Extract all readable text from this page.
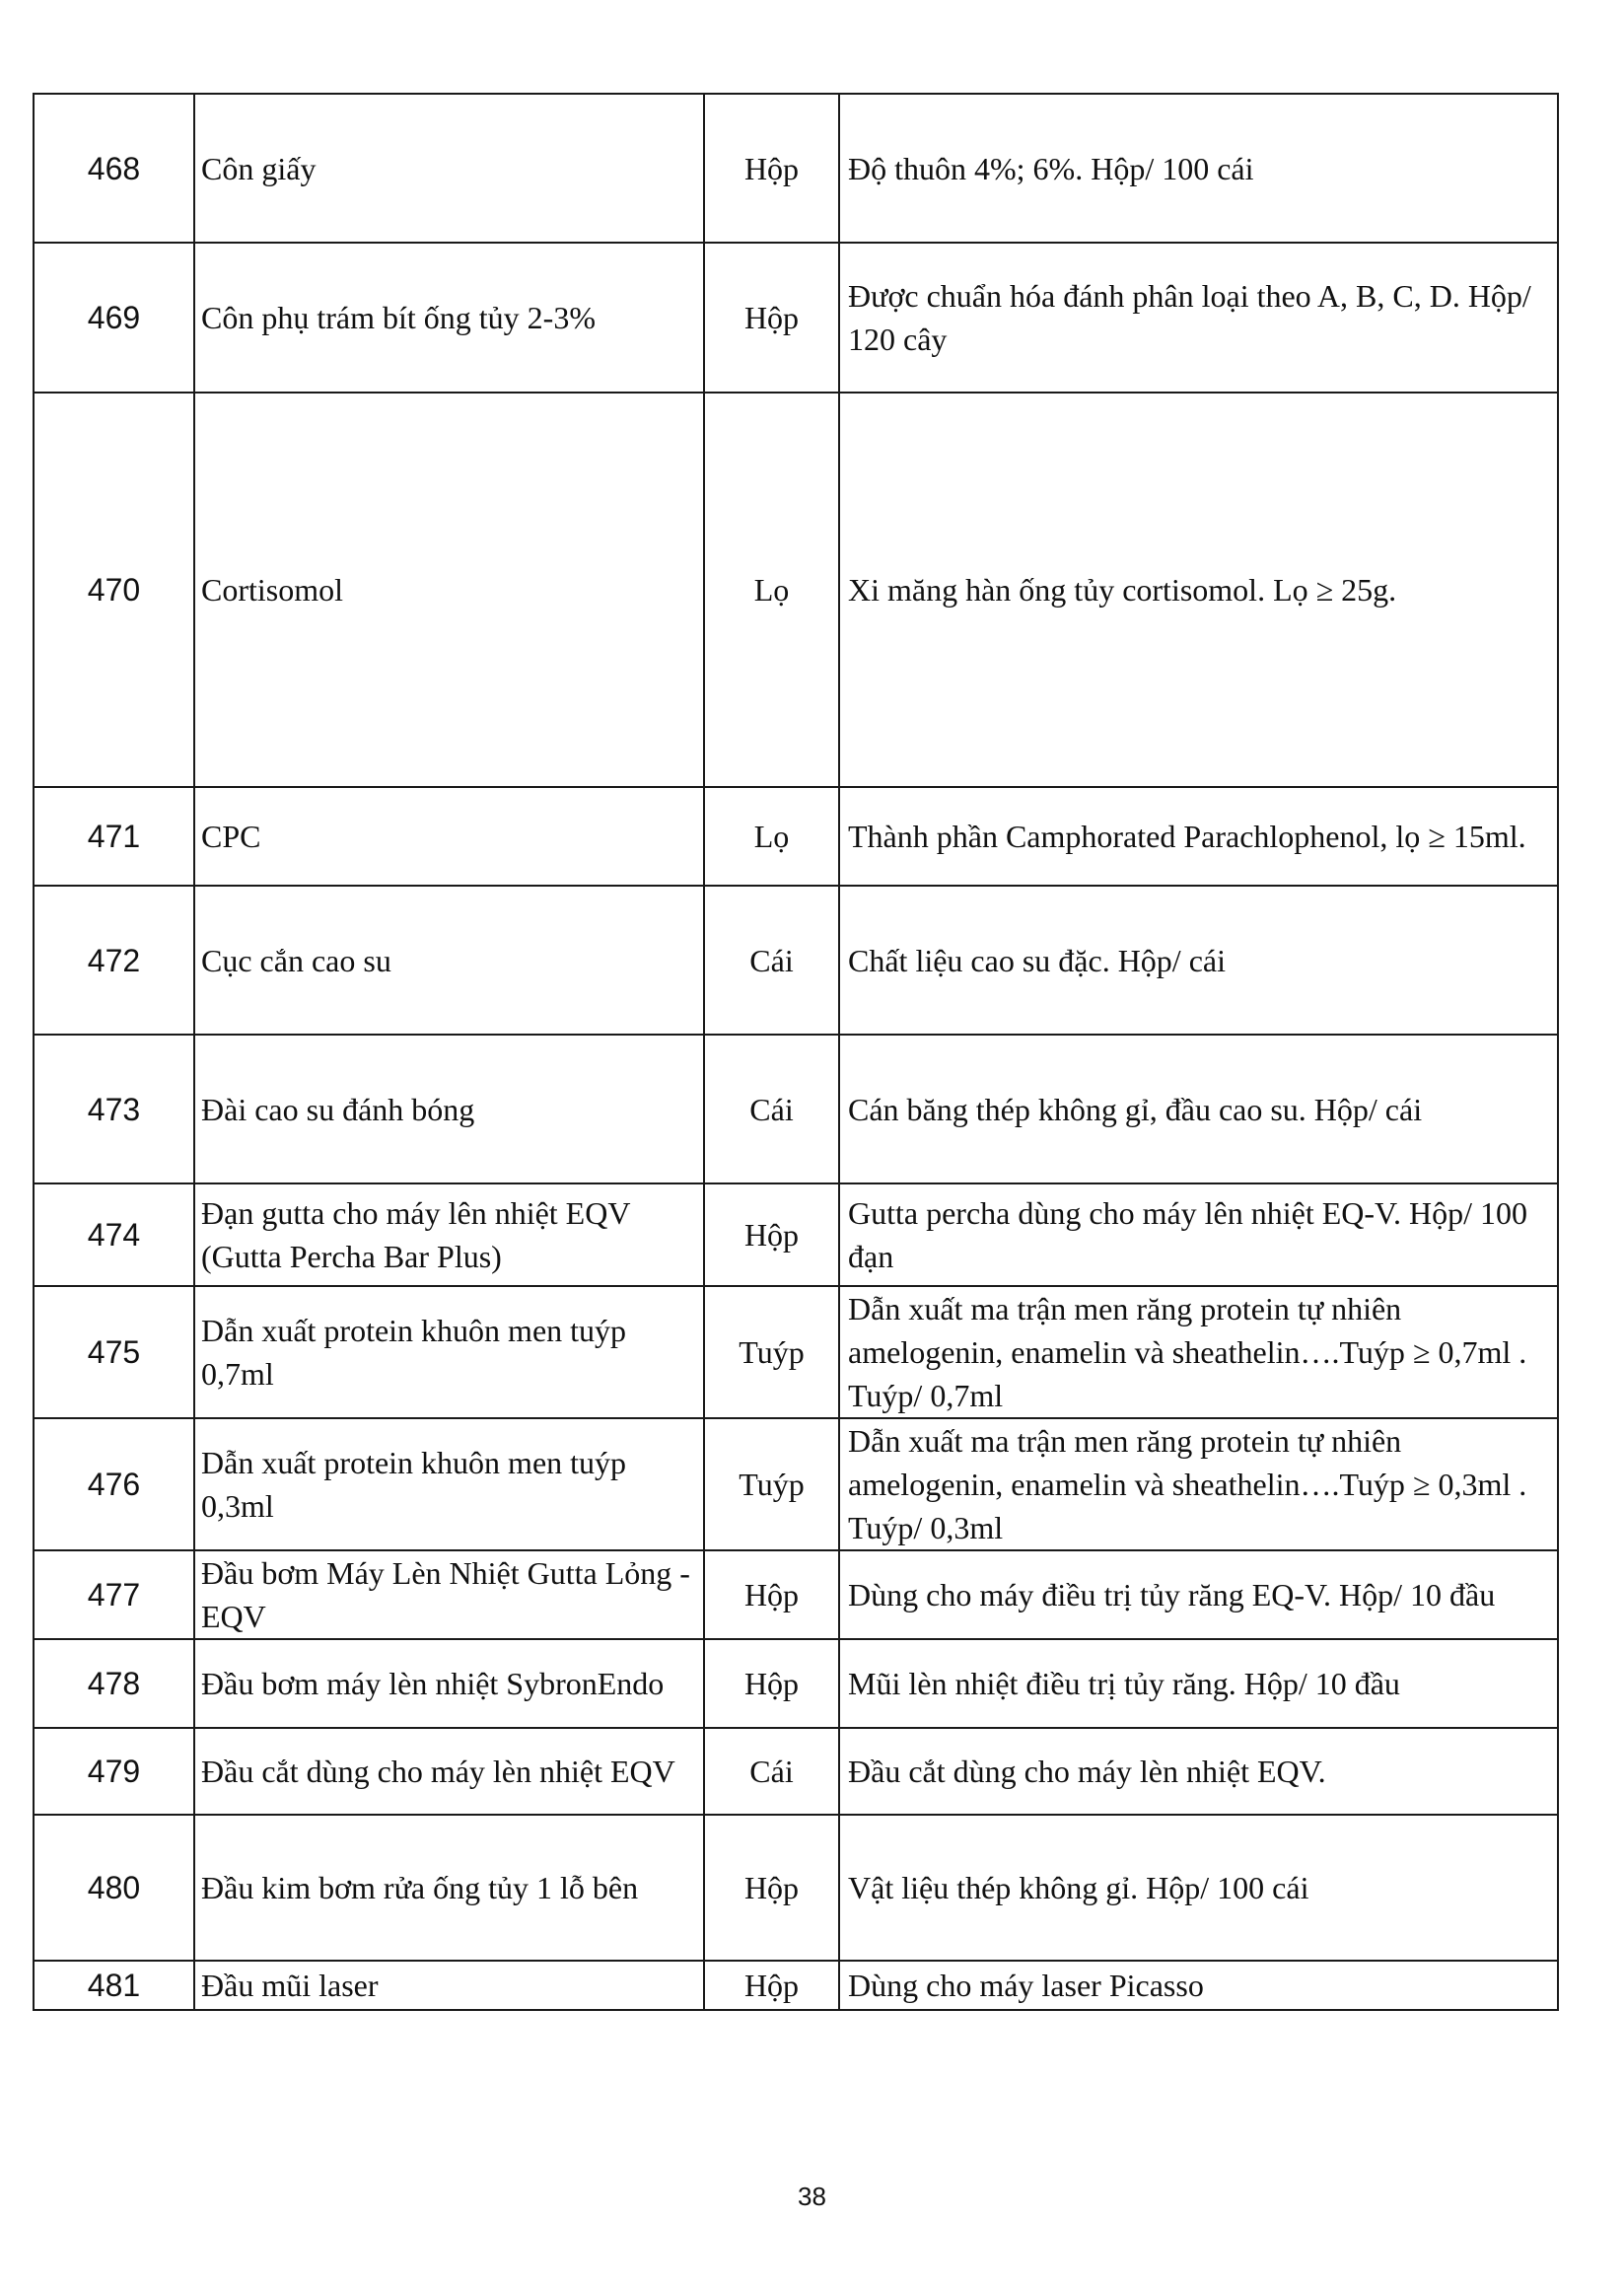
468	Côn giấy	Hộp	Độ thuôn 4%; 6%. Hộp/ 100 cái
469	Côn phụ trám bít ống tủy 2-3%	Hộp	Được chuẩn hóa đánh phân loại theo A, B, C, D. Hộp/ 120 cây
470	Cortisomol	Lọ	Xi măng hàn ống tủy cortisomol. Lọ ≥ 25g.
471	CPC	Lọ	Thành phần Camphorated Parachlophenol, lọ ≥ 15ml.
472	Cục cắn cao su	Cái	Chất liệu cao su đặc. Hộp/ cái
473	Đài cao su đánh bóng	Cái	Cán băng thép không gỉ, đầu cao su. Hộp/ cái
474	Đạn gutta cho máy lên nhiệt EQV (Gutta Percha Bar Plus)	Hộp	Gutta percha dùng cho máy lên nhiệt EQ-V. Hộp/ 100 đạn
475	Dẫn xuất protein khuôn men tuýp 0,7ml	Tuýp	Dẫn xuất ma trận men răng protein tự nhiên amelogenin, enamelin và sheathelin….Tuýp ≥ 0,7ml . Tuýp/ 0,7ml
476	Dẫn xuất protein khuôn men tuýp 0,3ml	Tuýp	Dẫn xuất ma trận men răng protein tự nhiên amelogenin, enamelin và sheathelin….Tuýp ≥ 0,3ml . Tuýp/ 0,3ml
477	Đầu bơm Máy Lèn Nhiệt Gutta Lỏng - EQV	Hộp	Dùng cho máy điều trị tủy răng EQ-V. Hộp/ 10 đầu
478	Đầu bơm máy lèn nhiệt SybronEndo	Hộp	Mũi lèn nhiệt điều trị tủy răng. Hộp/ 10 đầu
479	Đầu cắt dùng cho máy lèn nhiệt EQV	Cái	Đầu cắt dùng cho máy lèn nhiệt EQV.
480	Đầu kim bơm rửa ống tủy 1 lỗ bên	Hộp	Vật liệu thép không gỉ. Hộp/ 100 cái
481	Đầu mũi laser	Hộp	Dùng cho máy laser Picasso
38
